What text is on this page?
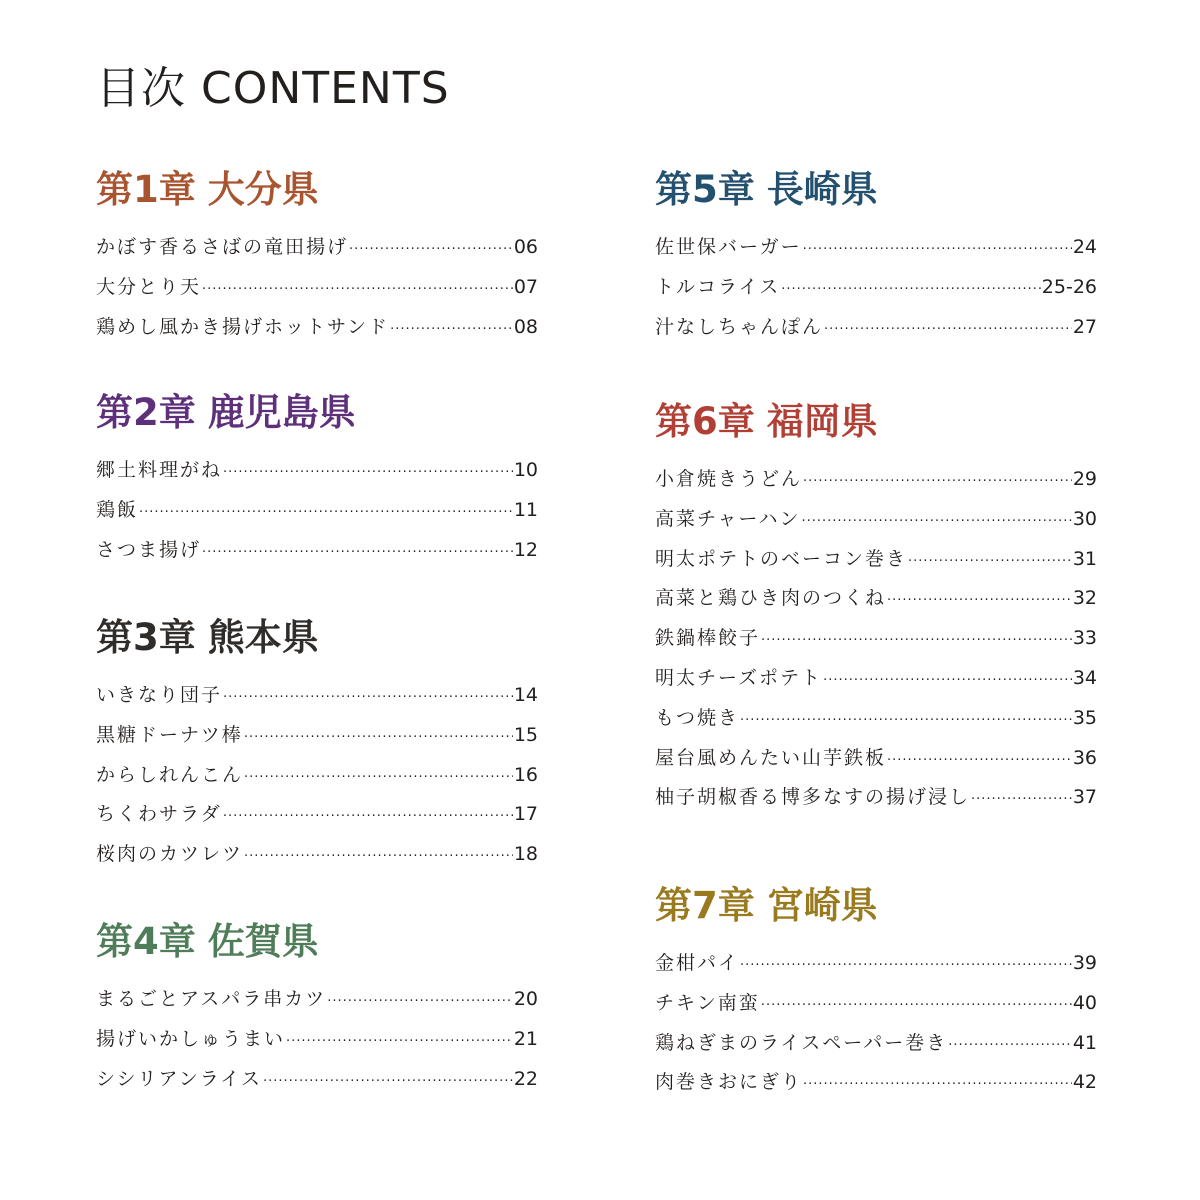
目次 CONTENTS
第1章 大分県
かぼす香るさばの竜田揚げ ·····	06
大分とり天 ·····	07
鶏めし風かき揚げホットサンド ·····	08
第2章 鹿児島県
郷土料理がね ·····	10
鶏飯 ·····	11
さつま揚げ ·····	12
第3章 熊本県
いきなり団子 ·····	14
黒糖ドーナツ棒 ·····	15
からしれんこん ·····	16
ちくわサラダ ·····	17
桜肉のカツレツ ·····	18
第4章 佐賀県
まるごとアスパラ串カツ ·····	20
揚げいかしゅうまい ·····	21
シシリアンライス ·····	22
第5章 長崎県
佐世保バーガー ·····	24
トルコライス ·····	25-26
汁なしちゃんぽん ·····	27
第6章 福岡県
小倉焼きうどん ·····	29
高菜チャーハン ·····	30
明太ポテトのベーコン巻き ·····	31
高菜と鶏ひき肉のつくね ·····	32
鉄鍋棒餃子 ·····	33
明太チーズポテト ·····	34
もつ焼き ·····	35
屋台風めんたい山芋鉄板 ·····	36
柚子胡椒香る博多なすの揚げ浸し ·····	37
第7章 宮崎県
金柑パイ ·····	39
チキン南蛮 ·····	40
鶏ねぎまのライスペーパー巻き ·····	41
肉巻きおにぎり ·····	42
